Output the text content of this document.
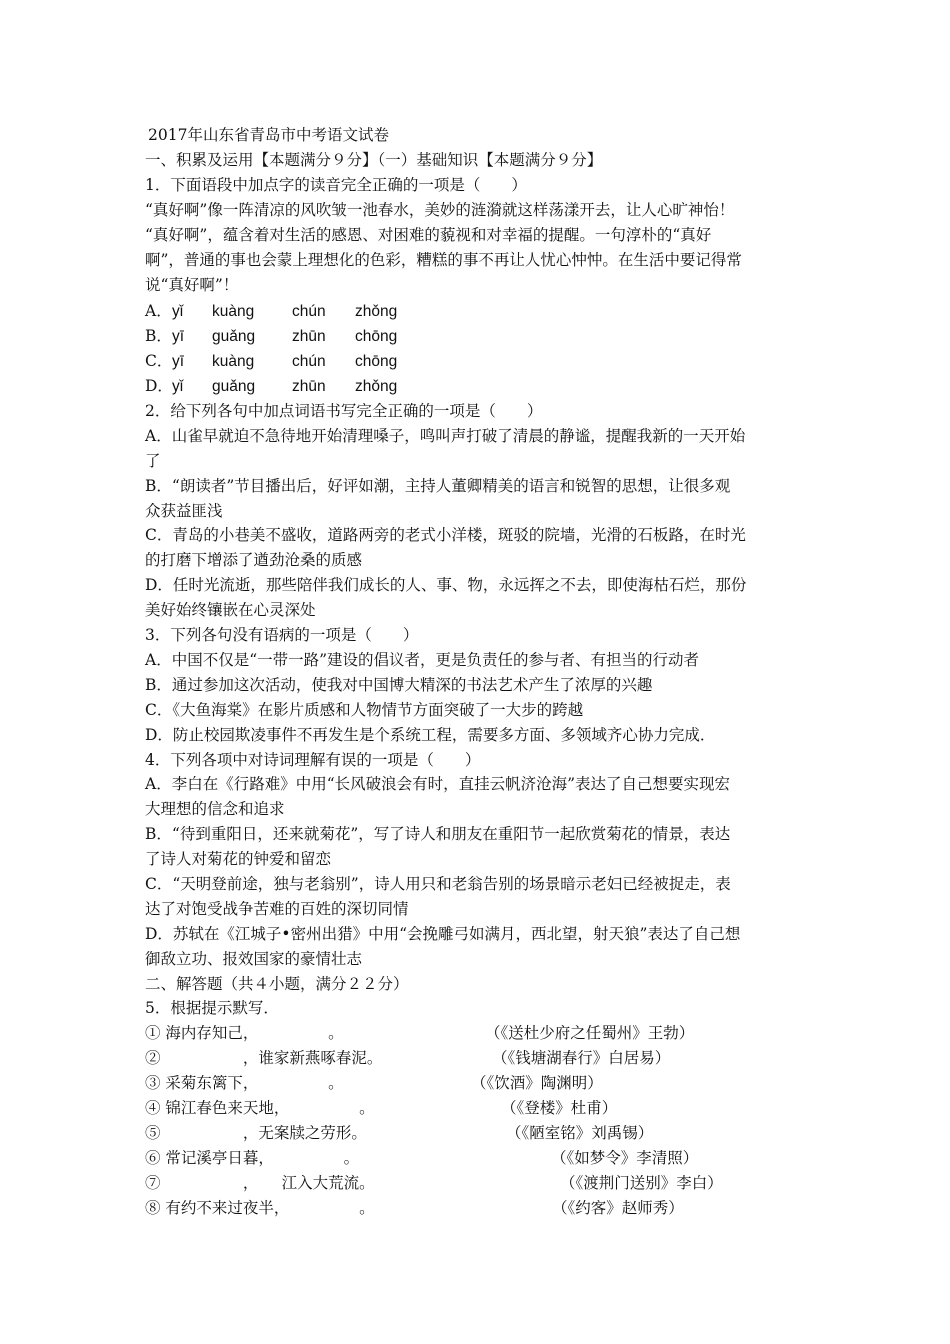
2017年山东省青岛市中考语文试卷
一、积累及运用【本题满分９分】（一）基础知识【本题满分９分】
1．下面语段中加点字的读音完全正确的一项是（　　）
“真好啊”像一阵清凉的风吹皱一池春水，美妙的涟漪就这样荡漾开去，让人心旷神怡！
“真好啊”，蕴含着对生活的感恩、对困难的藐视和对幸福的提醒。一句淳朴的“真好
啊”，普通的事也会蒙上理想化的色彩，糟糕的事不再让人忧心忡忡。在生活中要记得常
说“真好啊”！
A．yǐ kuàng chún zhǒng
B．yī guǎng zhūn chōng
C．yī kuàng chún chōng
D．yǐ guǎng zhūn zhǒng
2．给下列各句中加点词语书写完全正确的一项是（　　）
A．山雀早就迫不急待地开始清理嗓子，鸣叫声打破了清晨的静谧，提醒我新的一天开始
了
B．“朗读者”节目播出后，好评如潮，主持人董卿精美的语言和锐智的思想，让很多观
众获益匪浅
C．青岛的小巷美不盛收，道路两旁的老式小洋楼，斑驳的院墙，光滑的石板路，在时光
的打磨下增添了遒劲沧桑的质感
D．任时光流逝，那些陪伴我们成长的人、事、物，永远挥之不去，即使海枯石烂，那份
美好始终镶嵌在心灵深处
3．下列各句没有语病的一项是（　　）
A．中国不仅是“一带一路”建设的倡议者，更是负责任的参与者、有担当的行动者
B．通过参加这次活动，使我对中国博大精深的书法艺术产生了浓厚的兴趣
C．《大鱼海棠》在影片质感和人物情节方面突破了一大步的跨越
D．防止校园欺凌事件不再发生是个系统工程，需要多方面、多领域齐心协力完成．
4．下列各项中对诗词理解有误的一项是（　　）
A．李白在《行路难》中用“长风破浪会有时，直挂云帆济沧海”表达了自己想要实现宏
大理想的信念和追求
B．“待到重阳日，还来就菊花”，写了诗人和朋友在重阳节一起欣赏菊花的情景，表达
了诗人对菊花的钟爱和留恋
C．“天明登前途，独与老翁别”，诗人用只和老翁告别的场景暗示老妇已经被捉走，表
达了对饱受战争苦难的百姓的深切同情
D．苏轼在《江城子•密州出猎》中用“会挽雕弓如满月，西北望，射天狼”表达了自己想
御敌立功、报效国家的豪情壮志
二、解答题（共４小题，满分２２分）
5．根据提示默写．
① 海内存知己，　　　　　。	（《送杜少府之任蜀州》王勃）
② 　　　　　，谁家新燕啄春泥。	（《钱塘湖春行》白居易）
③ 采菊东篱下，　　　　　。	（《饮酒》陶渊明）
④ 锦江春色来天地，　　　　　。	（《登楼》杜甫）
⑤ 　　　　　，无案牍之劳形。	（《陋室铭》刘禹锡）
⑥ 常记溪亭日暮，　　　　　。	（《如梦令》李清照）
⑦ 　　　　　，　　江入大荒流。	（《渡荆门送别》李白）
⑧ 有约不来过夜半，　　　　　。	（《约客》赵师秀）
